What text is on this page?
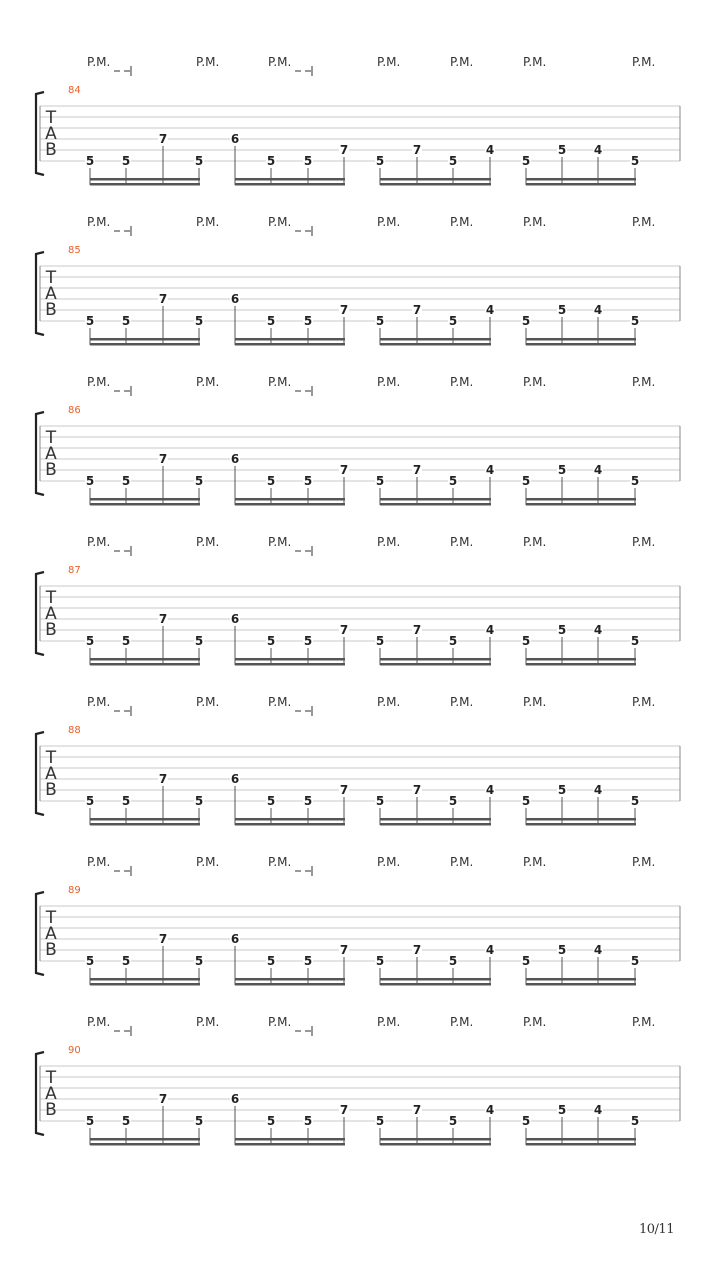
T
A
B
84
P.M.	P.M.	P.M.	P.M.	P.M.	P.M.	P.M.
5 5
7
5
6
5 5
7
5
7
5
4
5
5 4
5
T
A
B
85
P.M.	P.M.	P.M.	P.M.	P.M.	P.M.	P.M.
5 5
7
5
6
5 5
7
5
7
5
4
5
5 4
5
T
A
B
86
P.M.	P.M.	P.M.	P.M.	P.M.	P.M.	P.M.
5 5
7
5
6
5 5
7
5
7
5
4
5
5 4
5
T
A
B
87
P.M.	P.M.	P.M.	P.M.	P.M.	P.M.	P.M.
5 5
7
5
6
5 5
7
5
7
5
4
5
5 4
5
T
A
B
88
P.M.	P.M.	P.M.	P.M.	P.M.	P.M.	P.M.
5 5
7
5
6
5 5
7
5
7
5
4
5
5 4
5
T
A
B
89
P.M.	P.M.	P.M.	P.M.	P.M.	P.M.	P.M.
5 5
7
5
6
5 5
7
5
7
5
4
5
5 4
5
T
A
B
90
P.M.	P.M.	P.M.	P.M.	P.M.	P.M.	P.M.
5 5
7
5
6
5 5
7
5
7
5
4
5
5 4
5
10/11
